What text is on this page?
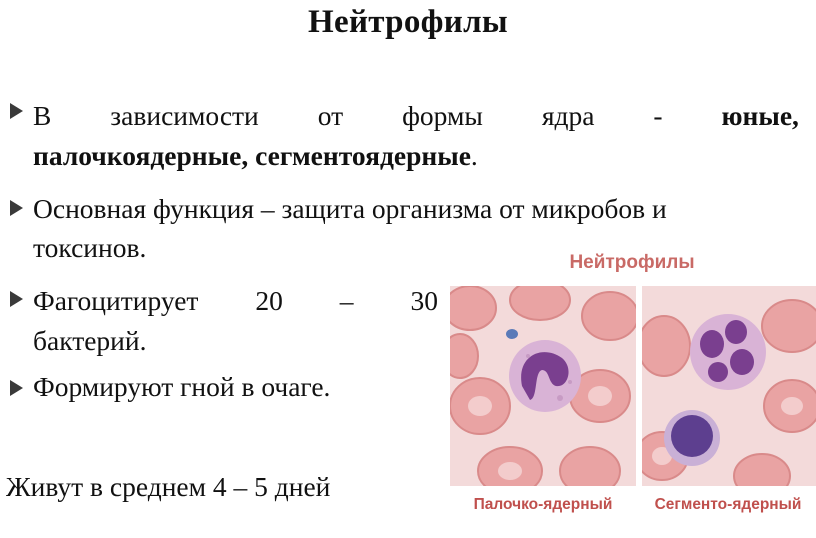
Нейтрофилы
В зависимости от формы ядра - юные,
палочкоядерные, сегментоядерные.
Основная функция – защита организма от микробов и
токсинов.
Фагоцитирует 20 – 30
бактерий.
Формируют гной в очаге.
Живут в среднем 4 – 5 дней
Нейтрофилы
Палочко-ядерный	Сегменто-ядерный
